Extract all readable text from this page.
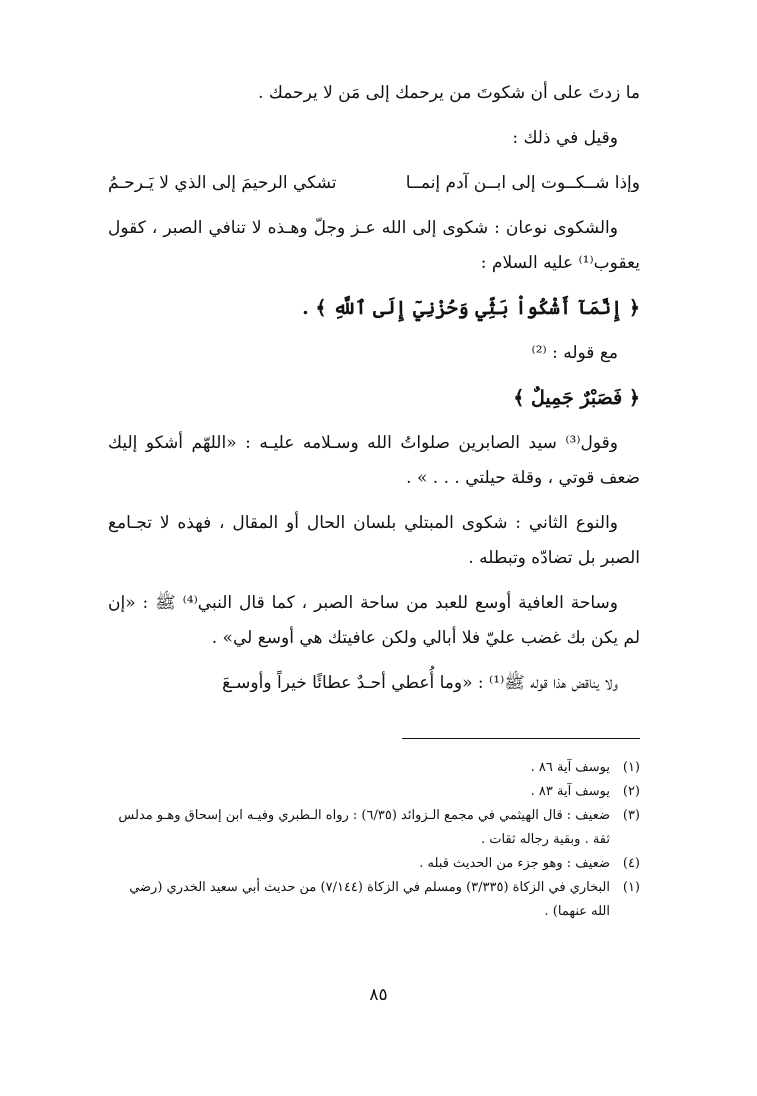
ما زدتَ على أن شكوتَ من يرحمك إلى مَن لا يرحمك .

وقيل في ذلك :

وإذا شــكــوت إلى ابــن آدم إنمــا
تشكي الرحيمَ إلى الذي لا يَـرحـمُ

والشكوى نوعان : شكوى إلى الله عـز وجلّ وهـذه لا تنافي الصبر ، كقول يعقوب⁽¹⁾ عليه السلام :

﴿ إِنَّمَآ أَشْكُواْ بَثِّي وَحُزْنِيٓ إِلَى ٱللَّهِ ﴾ .

مع قوله : ⁽²⁾

﴿ فَصَبْرٌ جَمِيلٌ ﴾

وقول⁽³⁾ سيد الصابرين صلواتُ الله وسـلامه عليـه : «اللهّم أشكو إليك ضعف قوتي ، وقلة حيلتي . . . » .

والنوع الثاني : شكوى المبتلي بلسان الحال أو المقال ، فهذه لا تجـامع الصبر بل تضادّه وتبطله .

وساحة العافية أوسع للعبد من ساحة الصبر ، كما قال النبي⁽⁴⁾ ﷺ : «إن لم يكن بك غضب عليّ فلا أبالي ولكن عافيتك هي أوسع لي» .

ولا يناقض هذا قوله ﷺ⁽¹⁾ : «وما أُعطي أحـدٌ عطائًا خيراً وأوسـعَ

(١)
يوسف آية ٨٦ .
(٢)
يوسف آية ٨٣ .
(٣)
ضعيف : قال الهيثمي في مجمع الـزوائد (٦/٣٥) : رواه الـطبري وفيـه ابن إسحاق وهـو مدلس ثقة . وبقية رجاله ثقات .
(٤)
ضعيف : وهو جزء من الحديث قبله .
(١)
البخاري في الزكاة (٣/٣٣٥) ومسلم في الزكاة (٧/١٤٤) من حديث أبي سعيد الخدري (رضي الله عنهما) .
٨٥
